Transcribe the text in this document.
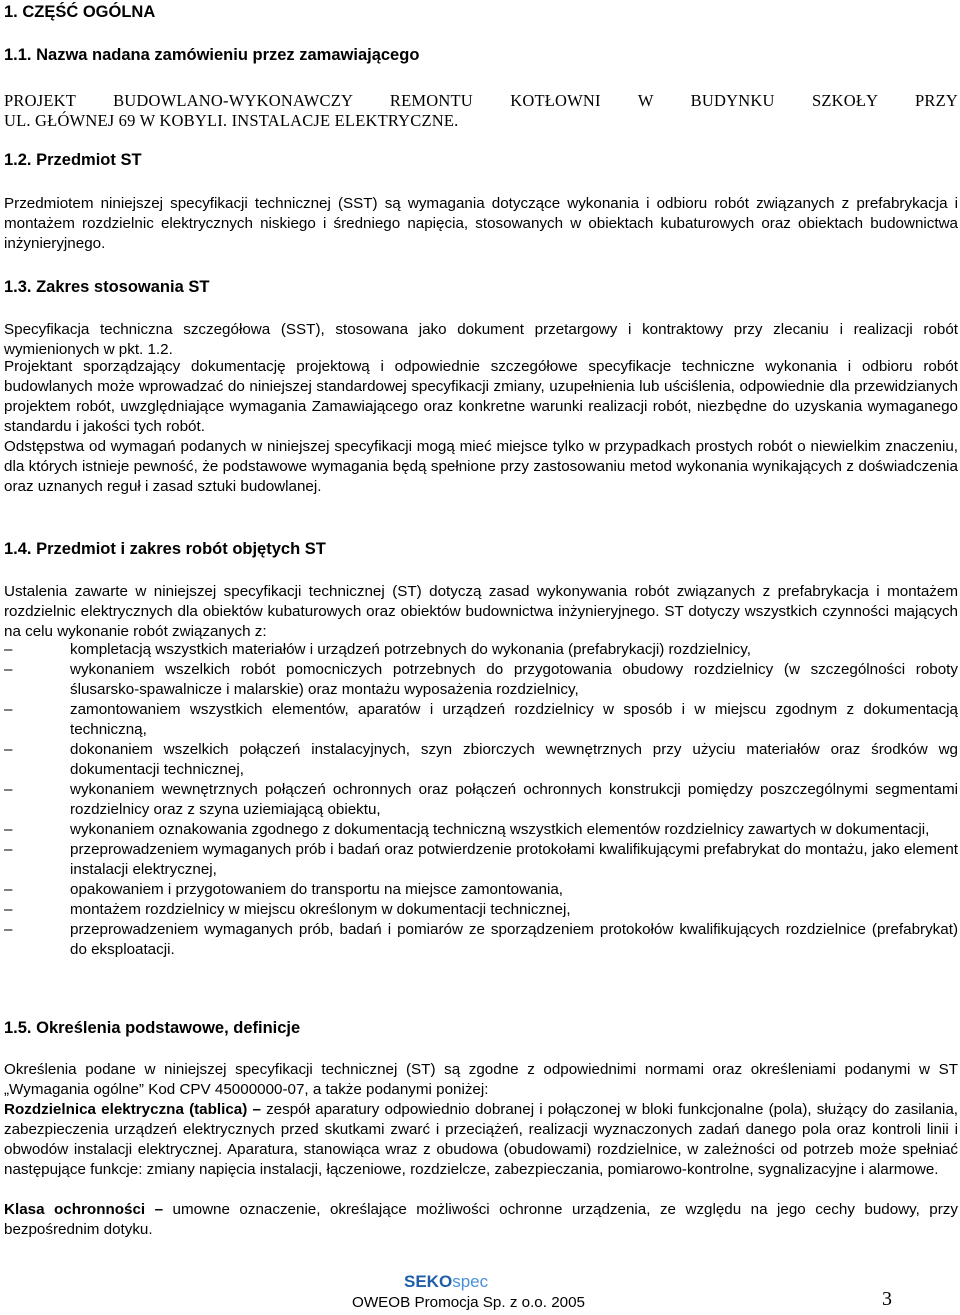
1. CZĘŚĆ OGÓLNA
1.1. Nazwa nadana zamówieniu przez zamawiającego
PROJEKT BUDOWLANO-WYKONAWCZY REMONTU KOTŁOWNI W BUDYNKU SZKOŁY PRZY
UL. GŁÓWNEJ 69 W KOBYLI. INSTALACJE ELEKTRYCZNE.
1.2. Przedmiot ST
Przedmiotem niniejszej specyfikacji technicznej (SST) są wymagania dotyczące wykonania i odbioru robót związanych z prefabrykacja i montażem rozdzielnic elektrycznych niskiego i średniego napięcia, stosowanych w obiektach kubaturowych oraz obiektach budownictwa inżynieryjnego.
1.3. Zakres stosowania ST
Specyfikacja techniczna szczegółowa (SST), stosowana jako dokument przetargowy i kontraktowy przy zlecaniu i realizacji robót wymienionych w pkt. 1.2.
Projektant sporządzający dokumentację projektową i odpowiednie szczegółowe specyfikacje techniczne wykonania i odbioru robót budowlanych może wprowadzać do niniejszej standardowej specyfikacji zmiany, uzupełnienia lub uściślenia, odpowiednie dla przewidzianych projektem robót, uwzględniające wymagania Zamawiającego oraz konkretne warunki realizacji robót, niezbędne do uzyskania wymaganego standardu i jakości tych robót.
Odstępstwa od wymagań podanych w niniejszej specyfikacji mogą mieć miejsce tylko w przypadkach prostych robót o niewielkim znaczeniu, dla których istnieje pewność, że podstawowe wymagania będą spełnione przy zastosowaniu metod wykonania wynikających z doświadczenia oraz uznanych reguł i zasad sztuki budowlanej.
1.4. Przedmiot i zakres robót objętych ST
Ustalenia zawarte w niniejszej specyfikacji technicznej (ST) dotyczą zasad wykonywania robót związanych z prefabrykacja i montażem rozdzielnic elektrycznych dla obiektów kubaturowych oraz obiektów budownictwa inżynieryjnego. ST dotyczy wszystkich czynności mających na celu wykonanie robót związanych z:
–	kompletacją wszystkich materiałów i urządzeń potrzebnych do wykonania (prefabrykacji) rozdzielnicy,
–	wykonaniem wszelkich robót pomocniczych potrzebnych do przygotowania obudowy rozdzielnicy (w szczególności roboty ślusarsko-spawalnicze i malarskie) oraz montażu wyposażenia rozdzielnicy,
–	zamontowaniem wszystkich elementów, aparatów i urządzeń rozdzielnicy w sposób i w miejscu zgodnym z dokumentacją techniczną,
–	dokonaniem wszelkich połączeń instalacyjnych, szyn zbiorczych wewnętrznych przy użyciu materiałów oraz środków wg dokumentacji technicznej,
–	wykonaniem wewnętrznych połączeń ochronnych oraz połączeń ochronnych konstrukcji pomiędzy poszczególnymi segmentami rozdzielnicy oraz z szyna uziemiającą obiektu,
–	wykonaniem oznakowania zgodnego z dokumentacją techniczną wszystkich elementów rozdzielnicy zawartych w dokumentacji,
–	przeprowadzeniem wymaganych prób i badań oraz potwierdzenie protokołami kwalifikującymi prefabrykat do montażu, jako element instalacji elektrycznej,
–	opakowaniem i przygotowaniem do transportu na miejsce zamontowania,
–	montażem rozdzielnicy w miejscu określonym w dokumentacji technicznej,
–	przeprowadzeniem wymaganych prób, badań i pomiarów ze sporządzeniem protokołów kwalifikujących rozdzielnice (prefabrykat) do eksploatacji.
1.5. Określenia podstawowe, definicje
Określenia podane w niniejszej specyfikacji technicznej (ST) są zgodne z odpowiednimi normami oraz określeniami podanymi w ST „Wymagania ogólne” Kod CPV 45000000-07, a także podanymi poniżej:
Rozdzielnica elektryczna (tablica) – zespół aparatury odpowiednio dobranej i połączonej w bloki funkcjonalne (pola), służący do zasilania, zabezpieczenia urządzeń elektrycznych przed skutkami zwarć i przeciążeń, realizacji wyznaczonych zadań danego pola oraz kontroli linii i obwodów instalacji elektrycznej. Aparatura, stanowiąca wraz z obudowa (obudowami) rozdzielnice, w zależności od potrzeb może spełniać następujące funkcje: zmiany napięcia instalacji, łączeniowe, rozdzielcze, zabezpieczania, pomiarowo-kontrolne, sygnalizacyjne i alarmowe.
Klasa ochronności – umowne oznaczenie, określające możliwości ochronne urządzenia, ze względu na jego cechy budowy, przy bezpośrednim dotyku.
SEKOspec
OWEOB Promocja Sp. z o.o. 2005	3
